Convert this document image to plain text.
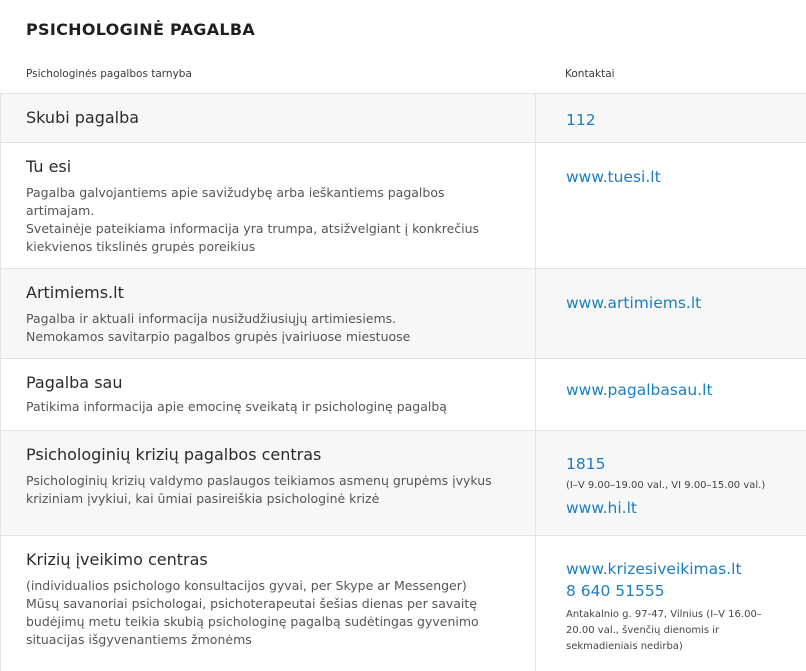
PSICHOLOGINĖ PAGALBA
Psichologinės pagalbos tarnyba	Kontaktai
Skubi pagalba	112
Tu esi
Pagalba galvojantiems apie savižudybę arba ieškantiems pagalbos
artimajam.
Svetainėje pateikiama informacija yra trumpa, atsižvelgiant į konkrečius
kiekvienos tikslinės grupės poreikius
www.tuesi.lt
Artimiems.lt
Pagalba ir aktuali informacija nusižudžiusiųjų artimiesiems.
Nemokamos savitarpio pagalbos grupės įvairiuose miestuose
www.artimiems.lt
Pagalba sau
Patikima informacija apie emocinę sveikatą ir psichologinę pagalbą
www.pagalbasau.lt
Psichologinių krizių pagalbos centras
Psichologinių krizių valdymo paslaugos teikiamos asmenų grupėms įvykus
kriziniam įvykiui, kai ūmiai pasireiškia psichologinė krizė
1815
(I–V 9.00–19.00 val., VI 9.00–15.00 val.)
www.hi.lt
Krizių įveikimo centras
(individualios psichologo konsultacijos gyvai, per Skype ar Messenger)
Mūsų savanoriai psichologai, psichoterapeutai šešias dienas per savaitę
budėjimų metu teikia skubią psichologinę pagalbą sudėtingas gyvenimo
situacijas išgyvenantiems žmonėms
www.krizesiveikimas.lt
8 640 51555
Antakalnio g. 97-47, Vilnius (I–V 16.00–
20.00 val., švenčių dienomis ir
sekmadieniais nedirba)
